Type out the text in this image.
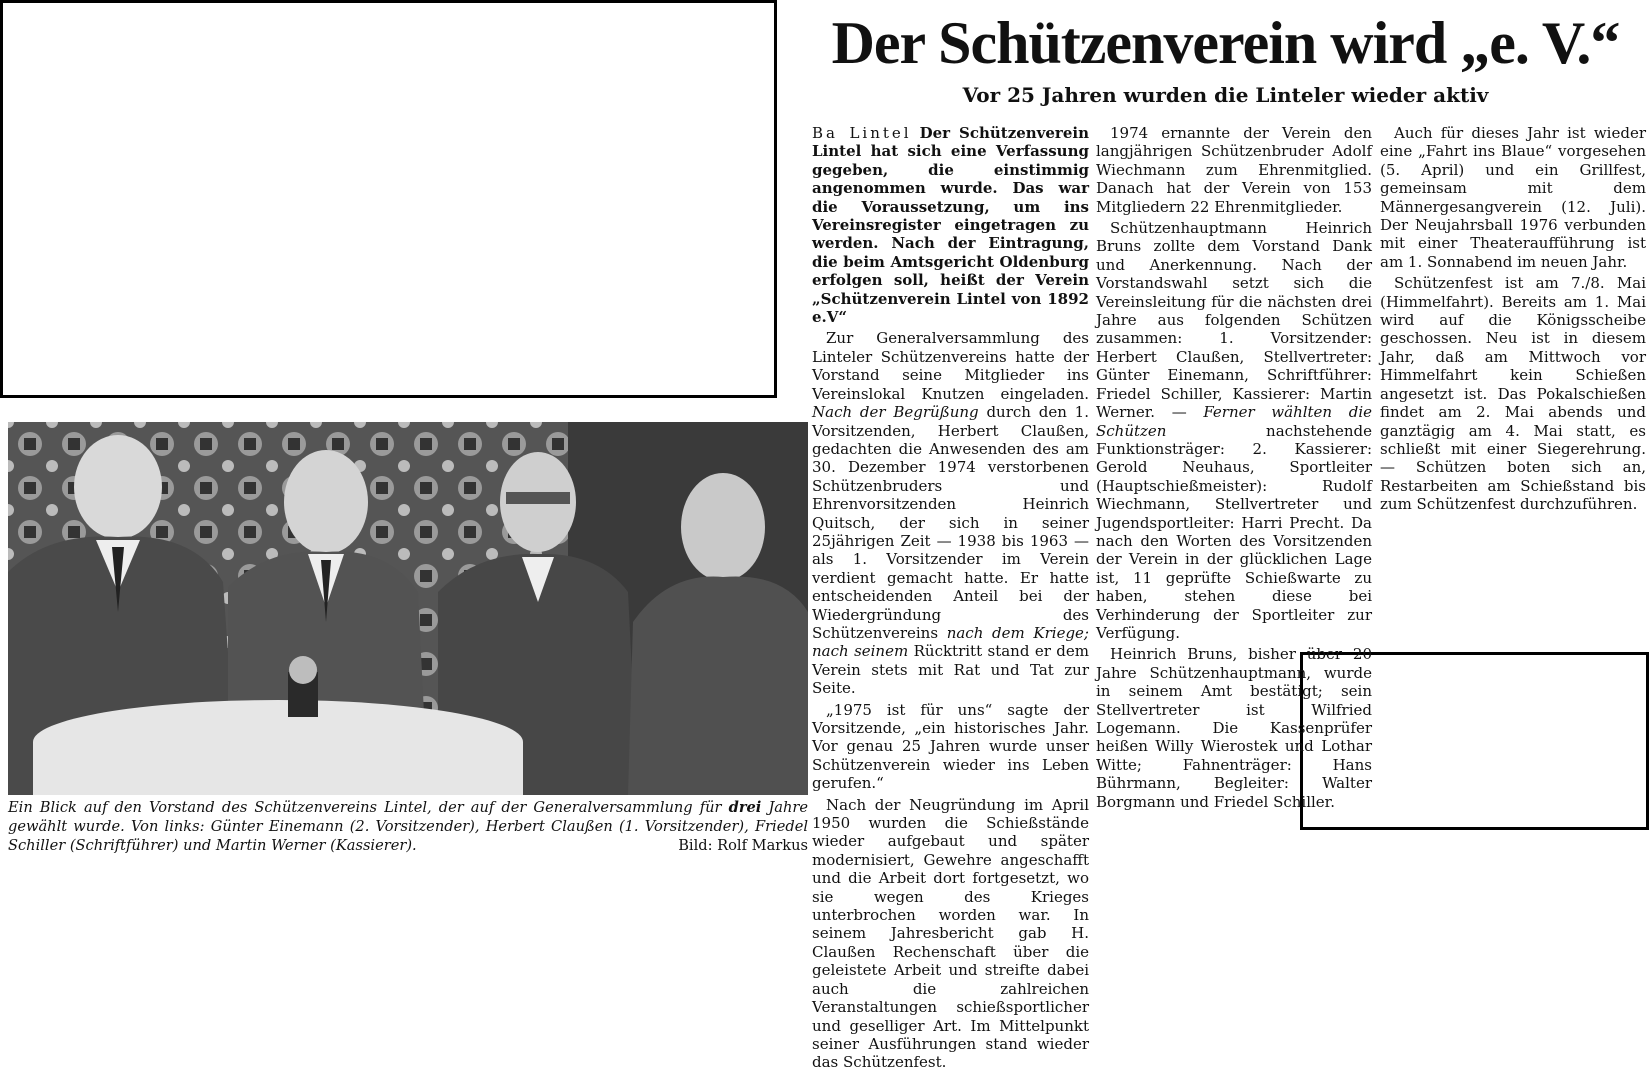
Der Schützenverein wird „e. V.“
Vor 25 Jahren wurden die Linteler wieder aktiv

Ba Lintel Der Schützenverein Lintel hat sich eine Verfassung gegeben, die einstimmig angenommen wurde. Das war die Voraussetzung, um ins Vereinsregister eingetragen zu werden. Nach der Eintragung, die beim Amtsgericht Oldenburg erfolgen soll, heißt der Verein „Schützenverein Lintel von 1892 e.V“

Zur Generalversammlung des Linteler Schützenvereins hatte der Vorstand seine Mitglieder ins Vereinslokal Knutzen eingeladen. Nach der Begrüßung durch den 1. Vorsitzenden, Herbert Claußen, gedachten die Anwesenden des am 30. Dezember 1974 verstorbenen Schützenbruders und Ehrenvorsitzenden Heinrich Quitsch, der sich in seiner 25jährigen Zeit — 1938 bis 1963 — als 1. Vorsitzender im Verein verdient gemacht hatte. Er hatte entscheidenden Anteil bei der Wiedergründung des Schützenvereins nach dem Kriege; nach seinem Rücktritt stand er dem Verein stets mit Rat und Tat zur Seite.

„1975 ist für uns“ sagte der Vorsitzende, „ein historisches Jahr. Vor genau 25 Jahren wurde unser Schützenverein wieder ins Leben gerufen.“

Nach der Neugründung im April 1950 wurden die Schießstände wieder aufgebaut und später modernisiert, Gewehre angeschafft und die Arbeit dort fortgesetzt, wo sie wegen des Krieges unterbrochen worden war. In seinem Jahresbericht gab H. Claußen Rechenschaft über die geleistete Arbeit und streifte dabei auch die zahlreichen Veranstaltungen schießsportlicher und geselliger Art. Im Mittelpunkt seiner Ausführungen stand wieder das Schützenfest.

1974 ernannte der Verein den langjährigen Schützenbruder Adolf Wiechmann zum Ehrenmitglied. Danach hat der Verein von 153 Mitgliedern 22 Ehrenmitglieder.

Schützenhauptmann Heinrich Bruns zollte dem Vorstand Dank und Anerkennung. Nach der Vorstandswahl setzt sich die Vereinsleitung für die nächsten drei Jahre aus folgenden Schützen zusammen: 1. Vorsitzender: Herbert Claußen, Stellvertreter: Günter Einemann, Schriftführer: Friedel Schiller, Kassierer: Martin Werner. — Ferner wählten die Schützen	nachstehende Funktionsträger: 2. Kassierer: Gerold Neuhaus, Sportleiter (Hauptschießmeister): Rudolf Wiechmann, Stellvertreter und Jugendsportleiter: Harri Precht. Da nach den Worten des Vorsitzenden der Verein in der glücklichen Lage ist, 11 geprüfte Schießwarte zu haben, stehen diese bei Verhinderung der Sportleiter zur Verfügung.

Heinrich Bruns, bisher über 20 Jahre Schützenhauptmann, wurde in seinem Amt bestätigt; sein Stellvertreter ist Wilfried Logemann. Die Kassenprüfer heißen Willy Wierostek und Lothar Witte; Fahnenträger: Hans Bührmann, Begleiter: Walter Borgmann und Friedel Schiller.

Auch für dieses Jahr ist wieder eine „Fahrt ins Blaue“ vorgesehen (5. April) und ein Grillfest, gemeinsam mit dem Männergesangverein (12. Juli). Der Neujahrsball 1976 verbunden mit einer Theateraufführung ist am 1. Sonnabend im neuen Jahr.

Schützenfest ist am 7./8. Mai (Himmelfahrt). Bereits am 1. Mai wird auf die Königsscheibe geschossen. Neu ist in diesem Jahr, daß am Mittwoch vor Himmelfahrt kein Schießen angesetzt ist. Das Pokalschießen findet am 2. Mai abends und ganztägig am 4. Mai statt, es schließt mit einer Siegerehrung. — Schützen boten sich an, Restarbeiten am Schießstand bis zum Schützenfest durchzuführen.

Ein Blick auf den Vorstand des Schützenvereins Lintel, der auf der Generalversammlung für drei Jahre gewählt wurde. Von links: Günter Einemann (2. Vorsitzender), Herbert Claußen (1. Vorsitzender), Friedel Schiller (Schriftführer) und Martin Werner (Kassierer).	Bild: Rolf Markus
